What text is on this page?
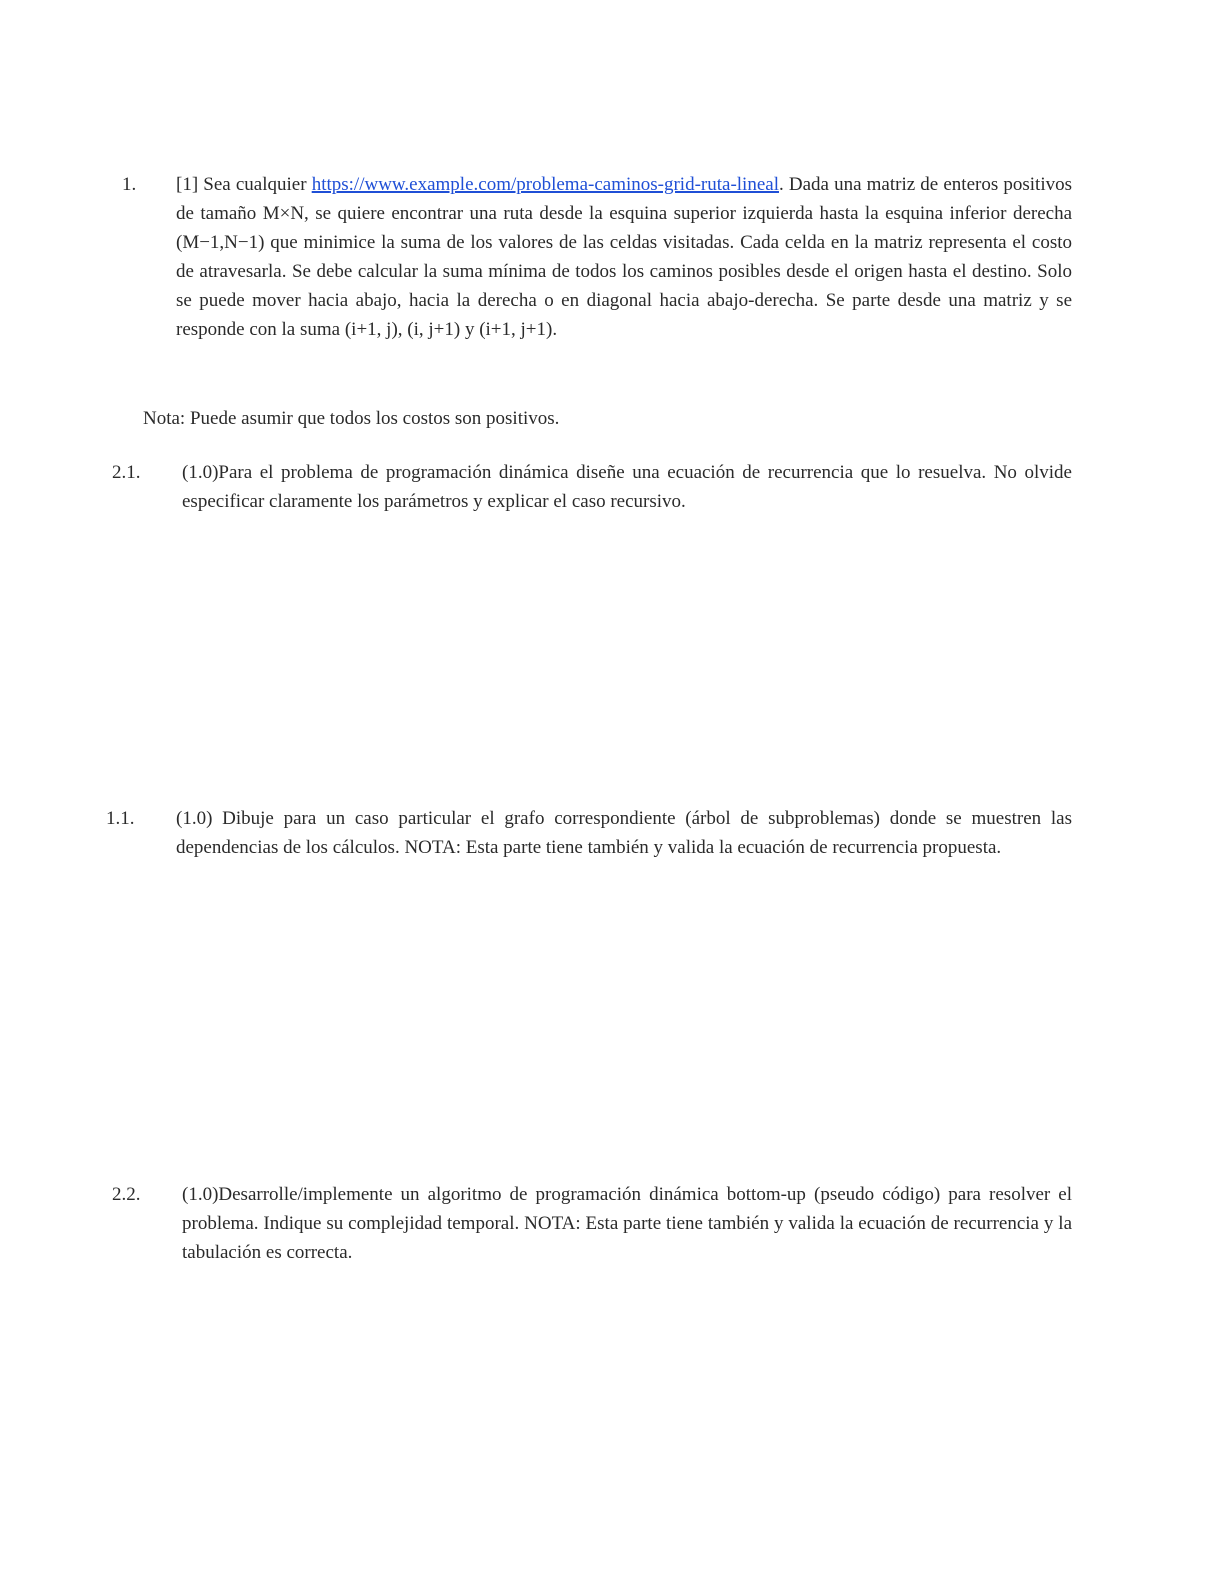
1.	[1] Sea cualquier https://www.example.com/problema-caminos-grid-ruta-lineal. Dada una matriz de enteros positivos de tamaño M×N, se quiere encontrar una ruta desde la esquina superior izquierda hasta la esquina inferior derecha (M−1,N−1) que minimice la suma de los valores de las celdas visitadas. Cada celda en la matriz representa el costo de atravesarla. Se debe calcular la suma mínima de todos los caminos posibles desde el origen hasta el destino. Solo se puede mover hacia abajo, hacia la derecha o en diagonal hacia abajo-derecha. Se parte desde una matriz y se responde con la suma (i+1, j), (i, j+1) y (i+1, j+1).
Nota: Puede asumir que todos los costos son positivos.
2.1.	(1.0)Para el problema de programación dinámica diseñe una ecuación de recurrencia que lo resuelva. No olvide especificar claramente los parámetros y explicar el caso recursivo.
1.1.	(1.0) Dibuje para un caso particular el grafo correspondiente (árbol de subproblemas) donde se muestren las dependencias de los cálculos. NOTA: Esta parte tiene también y valida la ecuación de recurrencia propuesta.
2.2.	(1.0)Desarrolle/implemente un algoritmo de programación dinámica bottom-up (pseudo código) para resolver el problema. Indique su complejidad temporal. NOTA: Esta parte tiene también y valida la ecuación de recurrencia y la tabulación es correcta.
